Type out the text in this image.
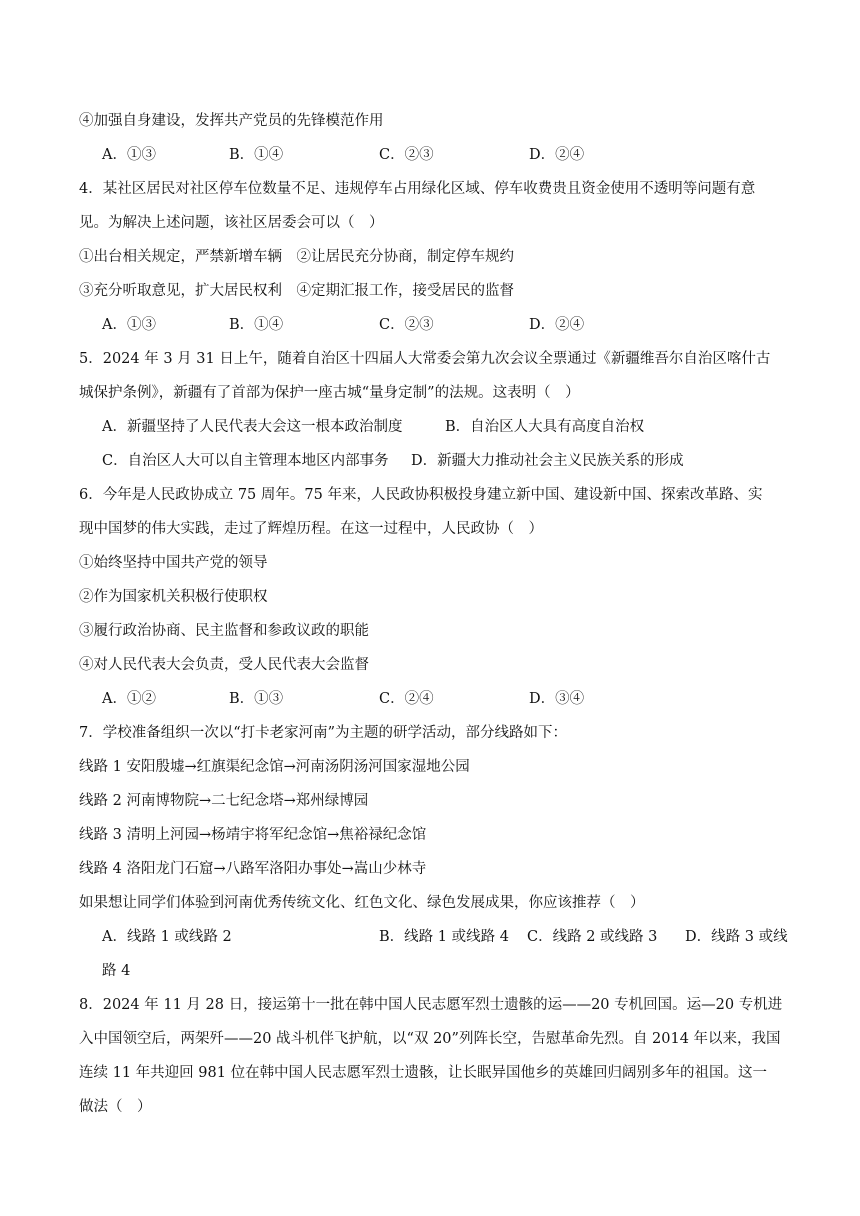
④加强自身建设，发挥共产党员的先锋模范作用
A．①③	B．①④	C．②③	D．②④
4．某社区居民对社区停车位数量不足、违规停车占用绿化区域、停车收费贵且资金使用不透明等问题有意
见。为解决上述问题，该社区居委会可以（　）
①出台相关规定，严禁新增车辆　②让居民充分协商，制定停车规约
③充分听取意见，扩大居民权利　④定期汇报工作，接受居民的监督
A．①③	B．①④	C．②③	D．②④
5．2024 年 3 月 31 日上午，随着自治区十四届人大常委会第九次会议全票通过《新疆维吾尔自治区喀什古
城保护条例》，新疆有了首部为保护一座古城“量身定制”的法规。这表明（　）
A．新疆坚持了人民代表大会这一根本政治制度	B．自治区人大具有高度自治权
C．自治区人大可以自主管理本地区内部事务 D．新疆大力推动社会主义民族关系的形成
6．今年是人民政协成立 75 周年。75 年来，人民政协积极投身建立新中国、建设新中国、探索改革路、实
现中国梦的伟大实践，走过了辉煌历程。在这一过程中，人民政协（　）
①始终坚持中国共产党的领导
②作为国家机关积极行使职权
③履行政治协商、民主监督和参政议政的职能
④对人民代表大会负责，受人民代表大会监督
A．①②	B．①③	C．②④	D．③④
7．学校准备组织一次以“打卡老家河南”为主题的研学活动，部分线路如下：
线路 1 安阳殷墟→红旗渠纪念馆→河南汤阴汤河国家湿地公园
线路 2 河南博物院→二七纪念塔→郑州绿博园
线路 3 清明上河园→杨靖宇将军纪念馆→焦裕禄纪念馆
线路 4 洛阳龙门石窟→八路军洛阳办事处→嵩山少林寺
如果想让同学们体验到河南优秀传统文化、红色文化、绿色发展成果，你应该推荐（　）
A．线路 1 或线路 2	B．线路 1 或线路 4 C．线路 2 或线路 3 D．线路 3 或线
路 4
8．2024 年 11 月 28 日，接运第十一批在韩中国人民志愿军烈士遗骸的运——20 专机回国。运—20 专机进
入中国领空后，两架歼——20 战斗机伴飞护航，以“双 20”列阵长空，告慰革命先烈。自 2014 年以来，我国
连续 11 年共迎回 981 位在韩中国人民志愿军烈士遗骸，让长眠异国他乡的英雄回归阔别多年的祖国。这一
做法（　）
